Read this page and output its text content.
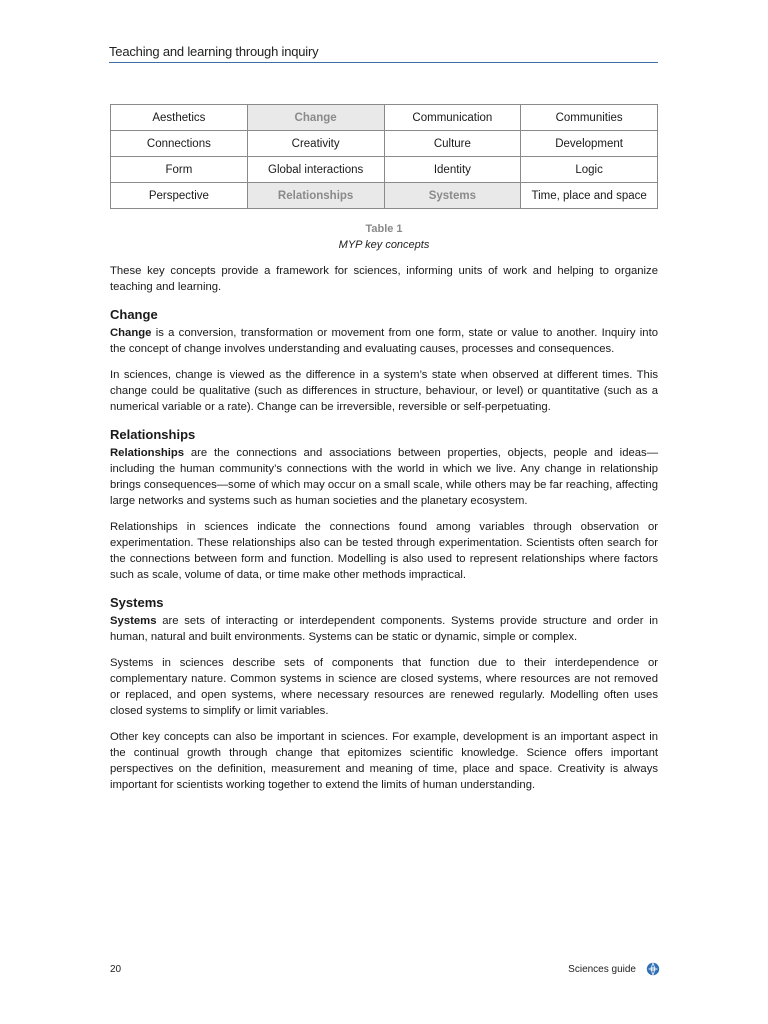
Teaching and learning through inquiry
Aesthetics	Change	Communication	Communities
Connections	Creativity	Culture	Development
Form	Global interactions	Identity	Logic
Perspective	Relationships	Systems	Time, place and space
Table 1
MYP key concepts

These key concepts provide a framework for sciences, informing units of work and helping to organize teaching and learning.

Change

Change is a conversion, transformation or movement from one form, state or value to another. Inquiry into the concept of change involves understanding and evaluating causes, processes and consequences.

In sciences, change is viewed as the difference in a system’s state when observed at different times. This change could be qualitative (such as differences in structure, behaviour, or level) or quantitative (such as a numerical variable or a rate). Change can be irreversible, reversible or self-perpetuating.

Relationships

Relationships are the connections and associations between properties, objects, people and ideas—including the human community’s connections with the world in which we live. Any change in relationship brings consequences—some of which may occur on a small scale, while others may be far reaching, affecting large networks and systems such as human societies and the planetary ecosystem.

Relationships in sciences indicate the connections found among variables through observation or experimentation. These relationships also can be tested through experimentation. Scientists often search for the connections between form and function. Modelling is also used to represent relationships where factors such as scale, volume of data, or time make other methods impractical.

Systems

Systems are sets of interacting or interdependent components. Systems provide structure and order in human, natural and built environments. Systems can be static or dynamic, simple or complex.

Systems in sciences describe sets of components that function due to their interdependence or complementary nature. Common systems in science are closed systems, where resources are not removed or replaced, and open systems, where necessary resources are renewed regularly. Modelling often uses closed systems to simplify or limit variables.

Other key concepts can also be important in sciences. For example, development is an important aspect in the continual growth through change that epitomizes scientific knowledge. Science offers important perspectives on the definition, measurement and meaning of time, place and space. Creativity is always important for scientists working together to extend the limits of human understanding.

20	Sciences guide
